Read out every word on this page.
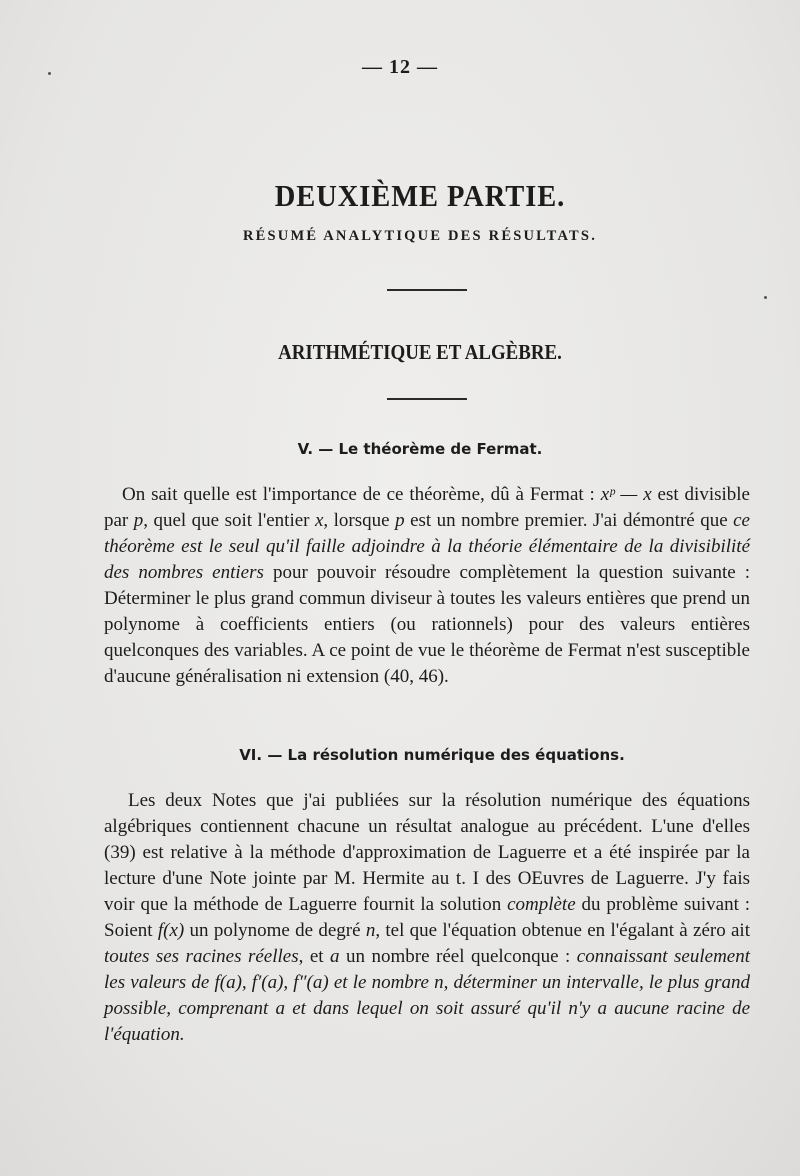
— 12 —
DEUXIÈME PARTIE.
RÉSUMÉ ANALYTIQUE DES RÉSULTATS.
ARITHMÉTIQUE ET ALGÈBRE.
V. — Le théorème de Fermat.

On sait quelle est l'importance de ce théorème, dû à Fermat : xᵖ — x est divisible par p, quel que soit l'entier x, lorsque p est un nombre premier. J'ai démontré que ce théorème est le seul qu'il faille adjoindre à la théorie élémentaire de la divisibilité des nombres entiers pour pouvoir résoudre complètement la question suivante : Déterminer le plus grand commun diviseur à toutes les valeurs entières que prend un polynome à coefficients entiers (ou rationnels) pour des valeurs entières quelconques des variables. A ce point de vue le théorème de Fermat n'est susceptible d'aucune généralisation ni extension (40, 46).

VI. — La résolution numérique des équations.

Les deux Notes que j'ai publiées sur la résolution numérique des équations algébriques contiennent chacune un résultat analogue au précédent. L'une d'elles (39) est relative à la méthode d'approximation de Laguerre et a été inspirée par la lecture d'une Note jointe par M. Hermite au t. I des OEuvres de Laguerre. J'y fais voir que la méthode de Laguerre fournit la solution complète du problème suivant : Soient f(x) un polynome de degré n, tel que l'équation obtenue en l'égalant à zéro ait toutes ses racines réelles, et a un nombre réel quelconque : connaissant seulement les valeurs de f(a), f′(a), f″(a) et le nombre n, déterminer un intervalle, le plus grand possible, comprenant a et dans lequel on soit assuré qu'il n'y a aucune racine de l'équation.
